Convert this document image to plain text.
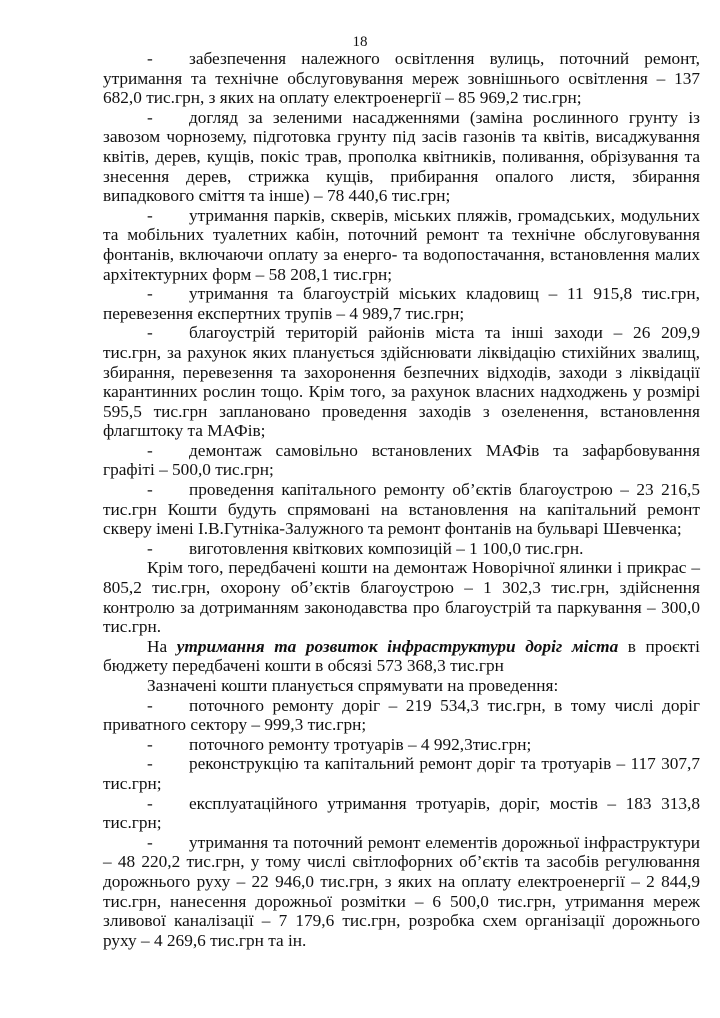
18

- забезпечення належного освітлення вулиць, поточний ремонт, утримання та технічне обслуговування мереж зовнішнього освітлення – 137 682,0 тис.грн, з яких на оплату електроенергії – 85 969,2 тис.грн;

- догляд за зеленими насадженнями (заміна рослинного грунту із завозом чорнозему, підготовка грунту під засів газонів та квітів, висаджування квітів, дерев, кущів, покіс трав, прополка квітників, поливання, обрізування та знесення дерев, стрижка кущів, прибирання опалого листя, збирання випадкового сміття та інше) – 78 440,6 тис.грн;

- утримання парків, скверів, міських пляжів, громадських, модульних та мобільних туалетних кабін, поточний ремонт та технічне обслуговування фонтанів, включаючи оплату за енерго- та водопостачання, встановлення малих архітектурних форм – 58 208,1 тис.грн;

- утримання та благоустрій міських кладовищ – 11 915,8 тис.грн, перевезення експертних трупів – 4 989,7 тис.грн;

- благоустрій територій районів міста та інші заходи – 26 209,9 тис.грн, за рахунок яких планується здійснювати ліквідацію стихійних звалищ, збирання, перевезення та захоронення безпечних відходів, заходи з ліквідації карантинних рослин тощо. Крім того, за рахунок власних надходжень у розмірі 595,5 тис.грн заплановано проведення заходів з озеленення, встановлення флагштоку та МАФів;

- демонтаж самовільно встановлених МАФів та зафарбовування графіті – 500,0 тис.грн;

- проведення капітального ремонту об’єктів благоустрою – 23 216,5 тис.грн Кошти будуть спрямовані на встановлення на капітальний ремонт скверу імені І.В.Гутніка-Залужного та ремонт фонтанів на бульварі Шевченка;

- виготовлення квіткових композицій – 1 100,0 тис.грн.

Крім того, передбачені кошти на демонтаж Новорічної ялинки і прикрас – 805,2 тис.грн, охорону об’єктів благоустрою – 1 302,3 тис.грн, здійснення контролю за дотриманням законодавства про благоустрій та паркування – 300,0 тис.грн.

На утримання та розвиток інфраструктури доріг міста в проєкті бюджету передбачені кошти в обсязі 573 368,3 тис.грн

Зазначені кошти планується спрямувати на проведення:

- поточного ремонту доріг – 219 534,3 тис.грн, в тому числі доріг приватного сектору – 999,3 тис.грн;

- поточного ремонту тротуарів – 4 992,3тис.грн;

- реконструкцію та капітальний ремонт доріг та тротуарів – 117 307,7 тис.грн;

- експлуатаційного утримання тротуарів, доріг, мостів – 183 313,8 тис.грн;

- утримання та поточний ремонт елементів дорожньої інфраструктури – 48 220,2 тис.грн, у тому числі світлофорних об’єктів та засобів регулювання дорожнього руху – 22 946,0 тис.грн, з яких на оплату електроенергії – 2 844,9 тис.грн, нанесення дорожньої розмітки – 6 500,0 тис.грн, утримання мереж зливової каналізації – 7 179,6 тис.грн, розробка схем організації дорожнього руху – 4 269,6 тис.грн та ін.
